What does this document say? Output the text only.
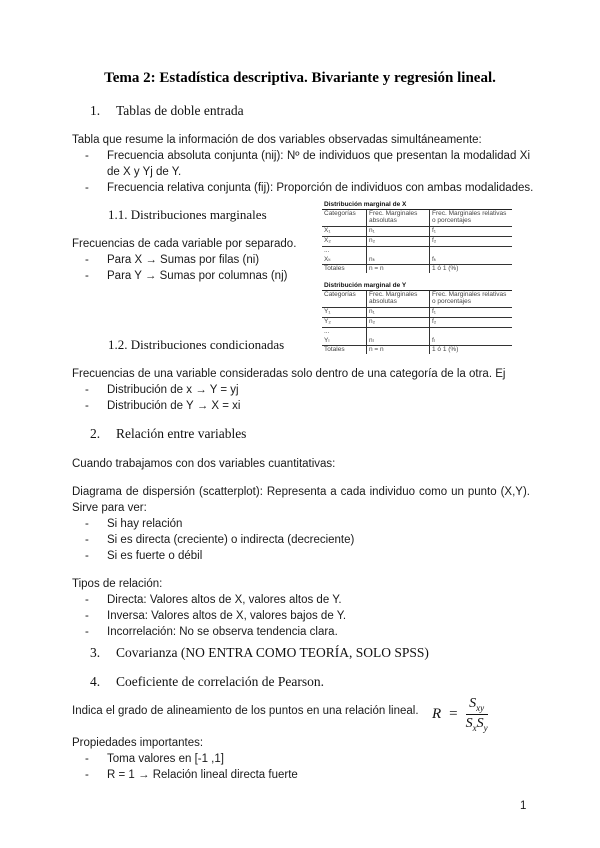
Tema 2: Estadística descriptiva. Bivariante y regresión lineal.
1. Tablas de doble entrada
Tabla que resume la información de dos variables observadas simultáneamente:
- Frecuencia absoluta conjunta (nij): Nº de individuos que presentan la modalidad Xi
de X y Yj de Y.
- Frecuencia relativa conjunta (fij): Proporción de individuos con ambas modalidades.
1.1. Distribuciones marginales
Frecuencias de cada variable por separado.
- Para X → Sumas por filas (ni)
- Para Y → Sumas por columnas (nj)
Distribución marginal de X		
Categorías	Frec. Marginales absolutas	Frec. Marginales relativas o porcentajes
X₁	n₁	f₁
X₂	n₂	f₂
...		
Xₖ	nₖ	fₖ
Totales	n = n	1 ó 1 (%)
Distribución marginal de Y		
Categorías	Frec. Marginales absolutas	Frec. Marginales relativas o porcentajes
Y₁	n₁	f₁
Y₂	n₂	f₂
...		
Yₗ	nₗ	fₗ
Totales	n = n	1 ó 1 (%)
1.2. Distribuciones condicionadas
Frecuencias de una variable consideradas solo dentro de una categoría de la otra. Ej
- Distribución de x → Y = yj
- Distribución de Y → X = xi
2. Relación entre variables
Cuando trabajamos con dos variables cuantitativas:
Diagrama de dispersión (scatterplot): Representa a cada individuo como un punto (X,Y).
Sirve para ver:
- Si hay relación
- Si es directa (creciente) o indirecta (decreciente)
- Si es fuerte o débil
Tipos de relación:
- Directa: Valores altos de X, valores altos de Y.
- Inversa: Valores altos de X, valores bajos de Y.
- Incorrelación: No se observa tendencia clara.
3. Covarianza (NO ENTRA COMO TEORÍA, SOLO SPSS)
4. Coeficiente de correlación de Pearson.
Indica el grado de alineamiento de los puntos en una relación lineal. $R = \frac{S_{xy}}{S_xS_y}$
Propiedades importantes:
- Toma valores en [-1 ,1]
- R = 1 → Relación lineal directa fuerte
1
